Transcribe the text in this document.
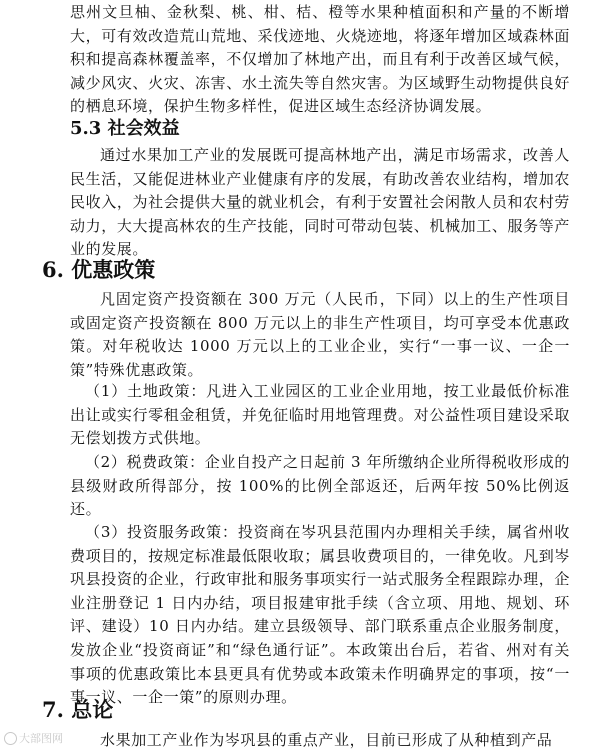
思州文旦柚、金秋梨、桃、柑、桔、橙等水果种植面积和产量的不断增大，可有效改造荒山荒地、采伐迹地、火烧迹地，将逐年增加区域森林面积和提高森林覆盖率，不仅增加了林地产出，而且有利于改善区域气候，减少风灾、火灾、冻害、水土流失等自然灾害。为区域野生动物提供良好的栖息环境，保护生物多样性，促进区域生态经济协调发展。

5.3 社会效益

通过水果加工产业的发展既可提高林地产出，满足市场需求，改善人民生活，又能促进林业产业健康有序的发展，有助改善农业结构，增加农民收入，为社会提供大量的就业机会，有利于安置社会闲散人员和农村劳动力，大大提高林农的生产技能，同时可带动包装、机械加工、服务等产业的发展。

6. 优惠政策

凡固定资产投资额在 300 万元（人民币，下同）以上的生产性项目或固定资产投资额在 800 万元以上的非生产性项目，均可享受本优惠政策。对年税收达 1000 万元以上的工业企业，实行“一事一议、一企一策”特殊优惠政策。

（1）土地政策：凡进入工业园区的工业企业用地，按工业最低价标准出让或实行零租金租赁，并免征临时用地管理费。对公益性项目建设采取无偿划拨方式供地。

（2）税费政策：企业自投产之日起前 3 年所缴纳企业所得税收形成的县级财政所得部分，按 100%的比例全部返还，后两年按 50%比例返还。

（3）投资服务政策：投资商在岑巩县范围内办理相关手续，属省州收费项目的，按规定标准最低限收取；属县收费项目的，一律免收。凡到岑巩县投资的企业，行政审批和服务事项实行一站式服务全程跟踪办理，企业注册登记 1 日内办结，项目报建审批手续（含立项、用地、规划、环评、建设）10 日内办结。建立县级领导、部门联系重点企业服务制度，发放企业“投资商证”和“绿色通行证”。本政策出台后，若省、州对有关事项的优惠政策比本县更具有优势或本政策未作明确界定的事项，按“一事一议、一企一策”的原则办理。

7. 总论

水果加工产业作为岑巩县的重点产业，目前已形成了从种植到产品

大部图网
